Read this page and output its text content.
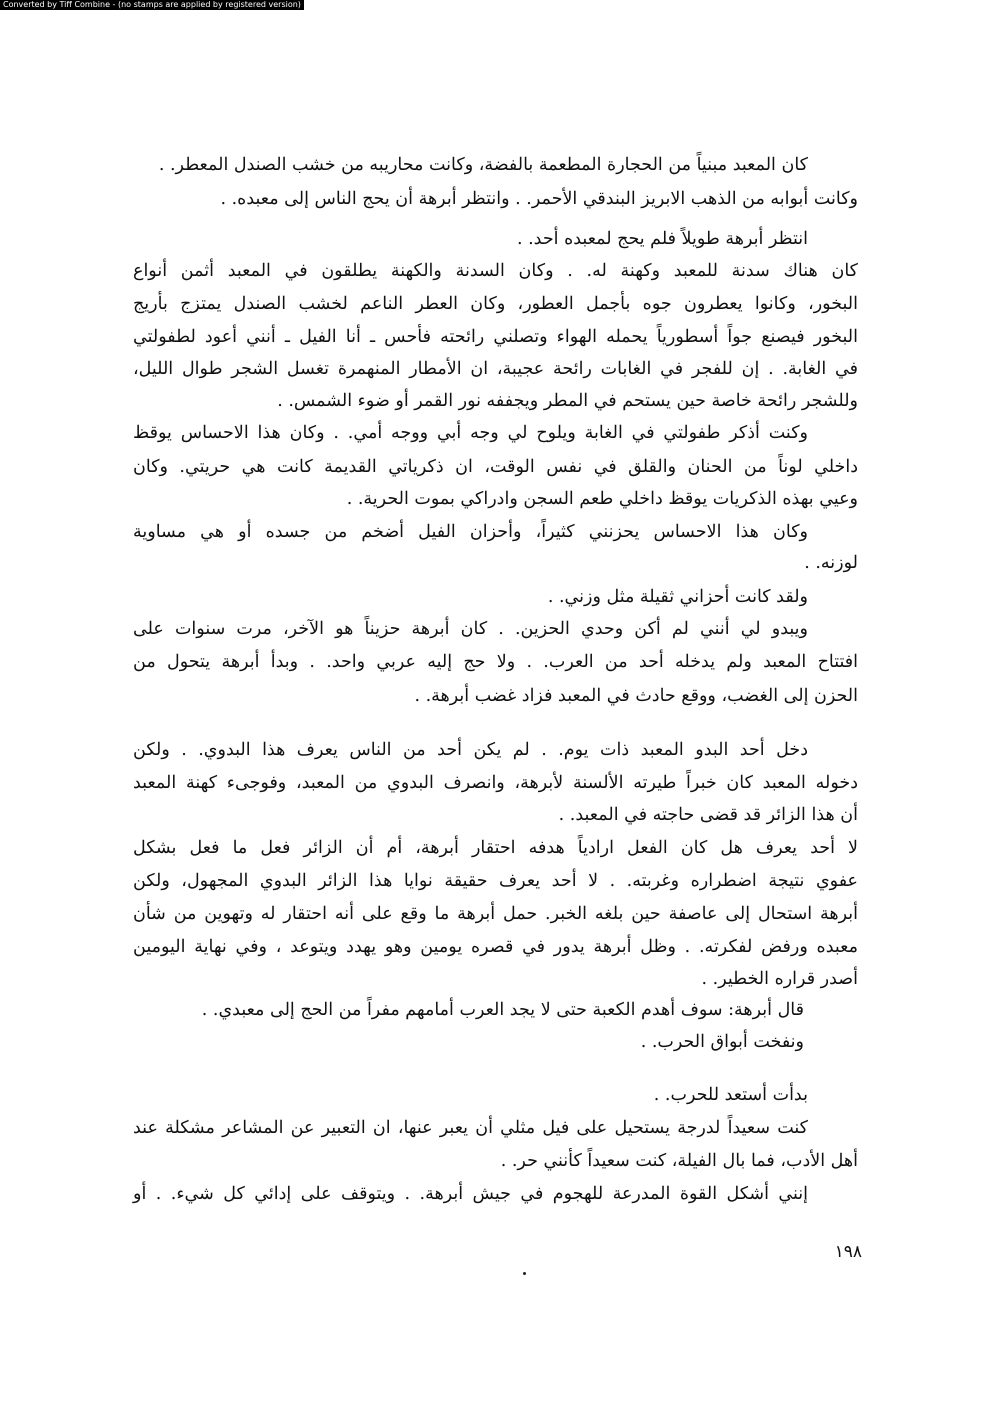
Converted by Tiff Combine - (no stamps are applied by registered version)
كان المعبد مبنياً من الحجارة المطعمة بالفضة، وكانت محاريبه من خشب الصندل المعطر. .
وكانت أبوابه من الذهب الابريز البندقي الأحمر. . وانتظر أبرهة أن يحج الناس إلى معبده. .
انتظر أبرهة طويلاً فلم يحج لمعبده أحد. .
كان هناك سدنة للمعبد وكهنة له. . وكان السدنة والكهنة يطلقون في المعبد أثمن أنواع
البخور، وكانوا يعطرون جوه بأجمل العطور، وكان العطر الناعم لخشب الصندل يمتزج بأريج
البخور فيصنع جواً أسطورياً يحمله الهواء وتصلني رائحته فأحس ـ أنا الفيل ـ أنني أعود لطفولتي
في الغابة. . إن للفجر في الغابات رائحة عجيبة، ان الأمطار المنهمرة تغسل الشجر طوال الليل،
وللشجر رائحة خاصة حين يستحم في المطر ويجففه نور القمر أو ضوء الشمس. .
وكنت أذكر طفولتي في الغابة ويلوح لي وجه أبي ووجه أمي. . وكان هذا الاحساس يوقظ
داخلي لوناً من الحنان والقلق في نفس الوقت، ان ذكرياتي القديمة كانت هي حريتي. وكان
وعيي بهذه الذكريات يوقظ داخلي طعم السجن وادراكي بموت الحرية. .
وكان هذا الاحساس يحزنني كثيراً، وأحزان الفيل أضخم من جسده أو هي مساوية
لوزنه. .
ولقد كانت أحزاني ثقيلة مثل وزني. .
ويبدو لي أنني لم أكن وحدي الحزين. . كان أبرهة حزيناً هو الآخر، مرت سنوات على
افتتاح المعبد ولم يدخله أحد من العرب. . ولا حج إليه عربي واحد. . وبدأ أبرهة يتحول من
الحزن إلى الغضب، ووقع حادث في المعبد فزاد غضب أبرهة. .
دخل أحد البدو المعبد ذات يوم. . لم يكن أحد من الناس يعرف هذا البدوي. . ولكن
دخوله المعبد كان خبراً طيرته الألسنة لأبرهة، وانصرف البدوي من المعبد، وفوجىء كهنة المعبد
أن هذا الزائر قد قضى حاجته في المعبد. .
لا أحد يعرف هل كان الفعل ارادياً هدفه احتقار أبرهة، أم أن الزائر فعل ما فعل بشكل
عفوي نتيجة اضطراره وغربته. . لا أحد يعرف حقيقة نوايا هذا الزائر البدوي المجهول، ولكن
أبرهة استحال إلى عاصفة حين بلغه الخبر. حمل أبرهة ما وقع على أنه احتقار له وتهوين من شأن
معبده ورفض لفكرته. . وظل أبرهة يدور في قصره يومين وهو يهدد ويتوعد ، وفي نهاية اليومين
أصدر قراره الخطير. .
قال أبرهة: سوف أهدم الكعبة حتى لا يجد العرب أمامهم مفراً من الحج إلى معبدي. .
ونفخت أبواق الحرب. .
بدأت أستعد للحرب. .
كنت سعيداً لدرجة يستحيل على فيل مثلي أن يعبر عنها، ان التعبير عن المشاعر مشكلة عند
أهل الأدب، فما بال الفيلة، كنت سعيداً كأنني حر. .
إنني أشكل القوة المدرعة للهجوم في جيش أبرهة. . ويتوقف على إدائي كل شيء. . أو
١٩٨
